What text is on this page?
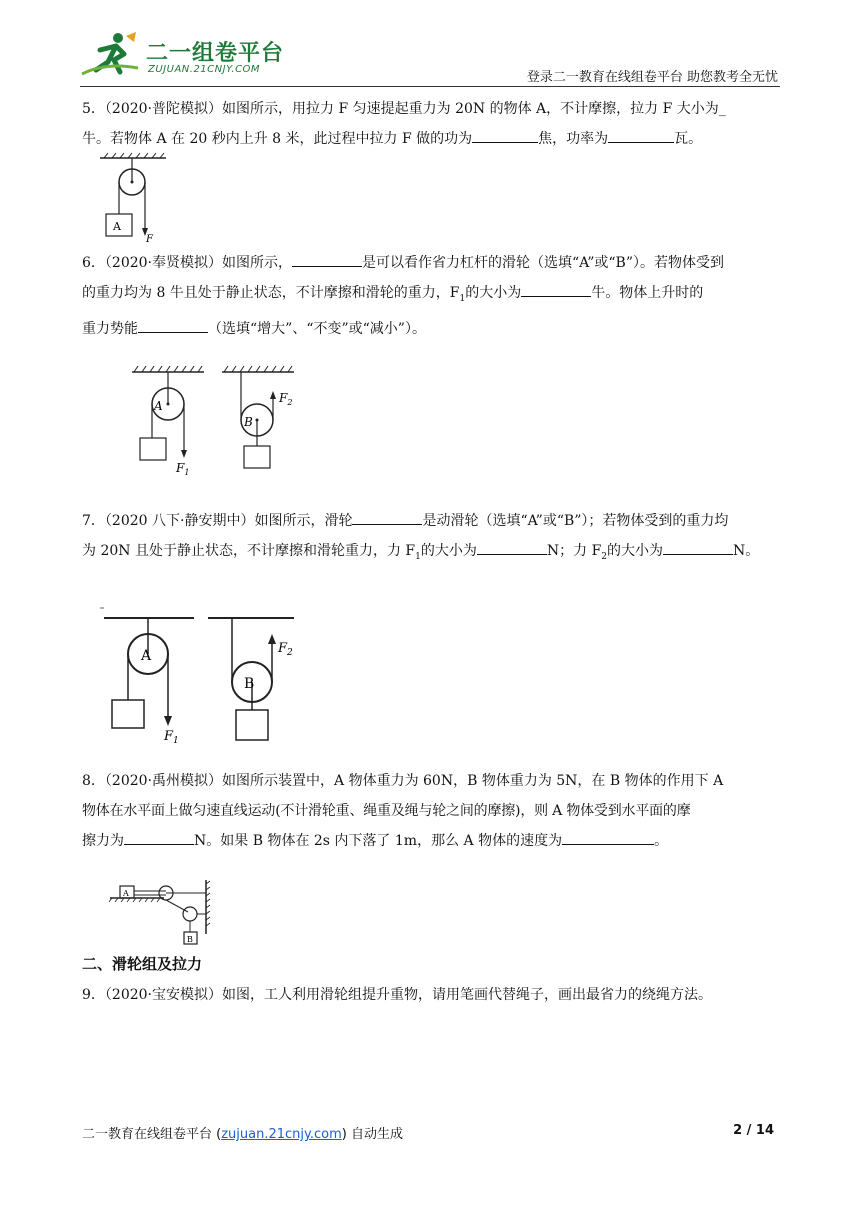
二一组卷平台
ZUJUAN.21CNJY.COM
登录二一教育在线组卷平台 助您教考全无忧
5．（2020·普陀模拟）如图所示，用拉力 F 匀速提起重力为 20N 的物体 A，不计摩擦，拉力 F 大小为_
牛。若物体 A 在 20 秒内上升 8 米，此过程中拉力 F 做的功为	焦，功率为	瓦。
A
F
6．（2020·奉贤模拟）如图所示，	是可以看作省力杠杆的滑轮（选填“A”或“B”）。若物体受到
的重力均为 8 牛且处于静止状态，不计摩擦和滑轮的重力，$F_1$的大小为	牛。物体上升时的
重力势能	（选填“增大”、“不变”或“减小”）。
A
$F_1$
B
$F_2$
7．（2020 八下·静安期中）如图所示，滑轮	是动滑轮（选填“A”或“B”）；若物体受到的重力均
为 20N 且处于静止状态，不计摩擦和滑轮重力，力 $F_1$的大小为	N；力 $F_2$的大小为	N。
A
$F_1$
B
$F_2$
8．（2020·禹州模拟）如图所示装置中，A 物体重力为 60N，B 物体重力为 5N，在 B 物体的作用下 A
物体在水平面上做匀速直线运动(不计滑轮重、绳重及绳与轮之间的摩擦)，则 A 物体受到水平面的摩
擦力为	N。如果 B 物体在 2s 内下落了 1m，那么 A 物体的速度为	。
A
B
二、滑轮组及拉力
9．（2020·宝安模拟）如图，工人利用滑轮组提升重物，请用笔画代替绳子，画出最省力的绕绳方法。
二一教育在线组卷平台 (zujuan.21cnjy.com) 自动生成	2 / 14
